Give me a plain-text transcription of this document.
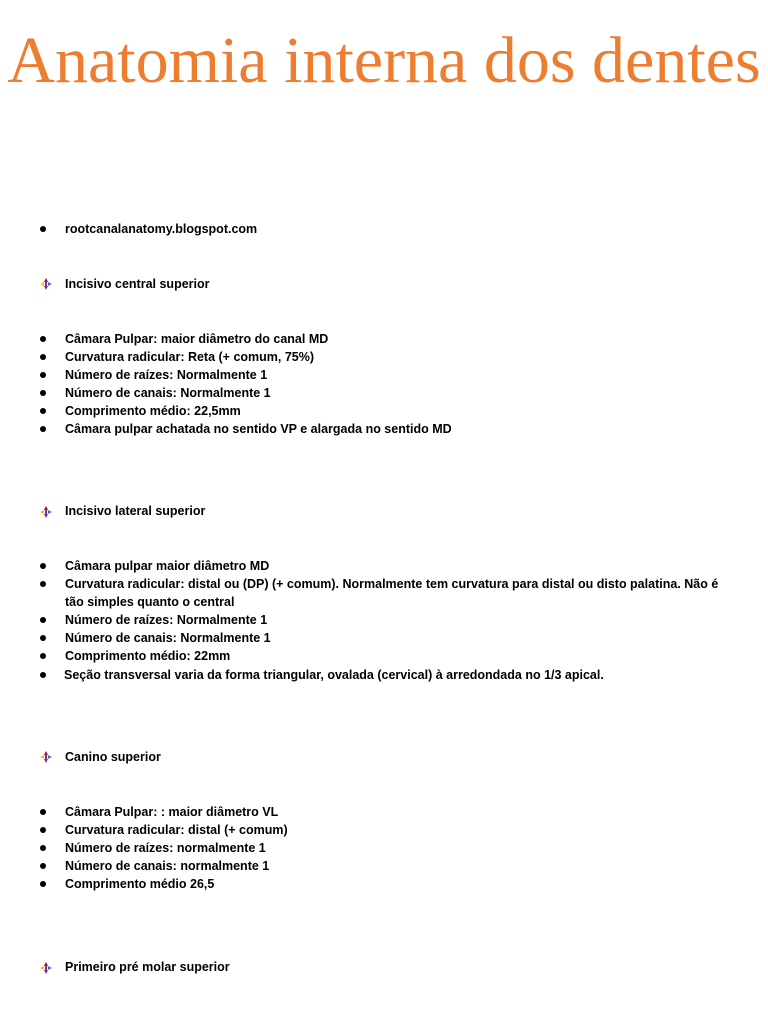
Anatomia interna dos dentes
rootcanalanatomy.blogspot.com
Incisivo central superior
Câmara Pulpar: maior diâmetro do canal MD
Curvatura radicular: Reta (+ comum, 75%)
Número de raízes: Normalmente 1
Número de canais: Normalmente 1
Comprimento médio: 22,5mm
Câmara pulpar achatada no sentido VP e alargada no sentido MD
Incisivo lateral superior
Câmara pulpar maior diâmetro MD
Curvatura radicular: distal ou (DP) (+ comum). Normalmente tem curvatura para distal ou disto palatina. Não é tão simples quanto o central
Número de raízes: Normalmente 1
Número de canais: Normalmente 1
Comprimento médio: 22mm
Seção transversal varia da forma triangular, ovalada (cervical) à arredondada no 1/3 apical.
Canino superior
Câmara Pulpar: : maior diâmetro VL
Curvatura radicular: distal (+ comum)
Número de raízes: normalmente 1
Número de canais: normalmente 1
Comprimento médio 26,5
Primeiro pré molar superior
